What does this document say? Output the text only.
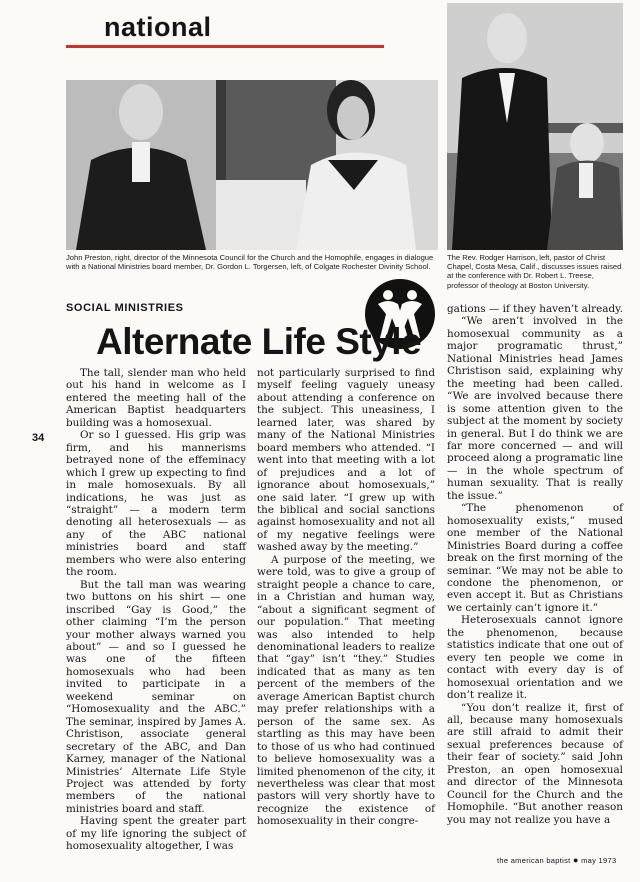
national
John Preston, right, director of the Minnesota Council for the Church and the Homophile, engages in dialogue with a National Ministries board member, Dr. Gordon L. Torgersen, left, of Colgate Rochester Divinity School.
The Rev. Rodger Harrison, left, pastor of Christ Chapel, Costa Mesa, Calif., discusses issues raised at the conference with Dr. Robert L. Treese, professor of theology at Boston University.
SOCIAL MINISTRIES
Alternate Life Style
34

The tall, slender man who held out his hand in welcome as I entered the meeting hall of the American Baptist headquarters building was a homosexual.

Or so I guessed. His grip was firm, and his mannerisms betrayed none of the effeminacy which I grew up expecting to find in male homosexuals. By all indications, he was just as “straight” — a modern term denoting all heterosexuals — as any of the ABC national ministries board and staff members who were also entering the room.

But the tall man was wearing two buttons on his shirt — one inscribed “Gay is Good,” the other claiming “I’m the person your mother always warned you about” — and so I guessed he was one of the fifteen homosexuals who had been invited to participate in a weekend seminar on “Homosexuality and the ABC.” The seminar, inspired by James A. Christison, associate general secretary of the ABC, and Dan Karney, manager of the National Ministries’ Alternate Life Style Project was attended by forty members of the national ministries board and staff.

Having spent the greater part of my life ignoring the subject of homosexuality altogether, I was

not particularly surprised to find myself feeling vaguely uneasy about attending a conference on the subject. This uneasiness, I learned later, was shared by many of the National Ministries board members who attended. “I went into that meeting with a lot of prejudices and a lot of ignorance about homosexuals,” one said later. “I grew up with the biblical and social sanctions against homosexuality and not all of my negative feelings were washed away by the meeting.”

A purpose of the meeting, we were told, was to give a group of straight people a chance to care, in a Christian and human way, “about a significant segment of our population.” That meeting was also intended to help denominational leaders to realize that “gay” isn’t “they.” Studies indicated that as many as ten percent of the members of the average American Baptist church may prefer relationships with a person of the same sex. As startling as this may have been to those of us who had continued to believe homosexuality was a limited phenomenon of the city, it nevertheless was clear that most pastors will very shortly have to recognize the existence of homosexuality in their congre-

gations — if they haven’t already.

“We aren’t involved in the homosexual community as a major programatic thrust,” National Ministries head James Christison said, explaining why the meeting had been called. “We are involved because there is some attention given to the subject at the moment by society in general. But I do think we are far more concerned — and will proceed along a programatic line — in the whole spectrum of human sexuality. That is really the issue.”

“The phenomenon of homosexuality exists,” mused one member of the National Ministries Board during a coffee break on the first morning of the seminar. “We may not be able to condone the phenomenon, or even accept it. But as Christians we certainly can’t ignore it.”

Heterosexuals cannot ignore the phenomenon, because statistics indicate that one out of every ten people we come in contact with every day is of homosexual orientation and we don’t realize it.

“You don’t realize it, first of all, because many homosexuals are still afraid to admit their sexual preferences because of their fear of society.” said John Preston, an open homosexual and director of the Minnesota Council for the Church and the Homophile. “But another reason you may not realize you have a

the american baptist ● may 1973
